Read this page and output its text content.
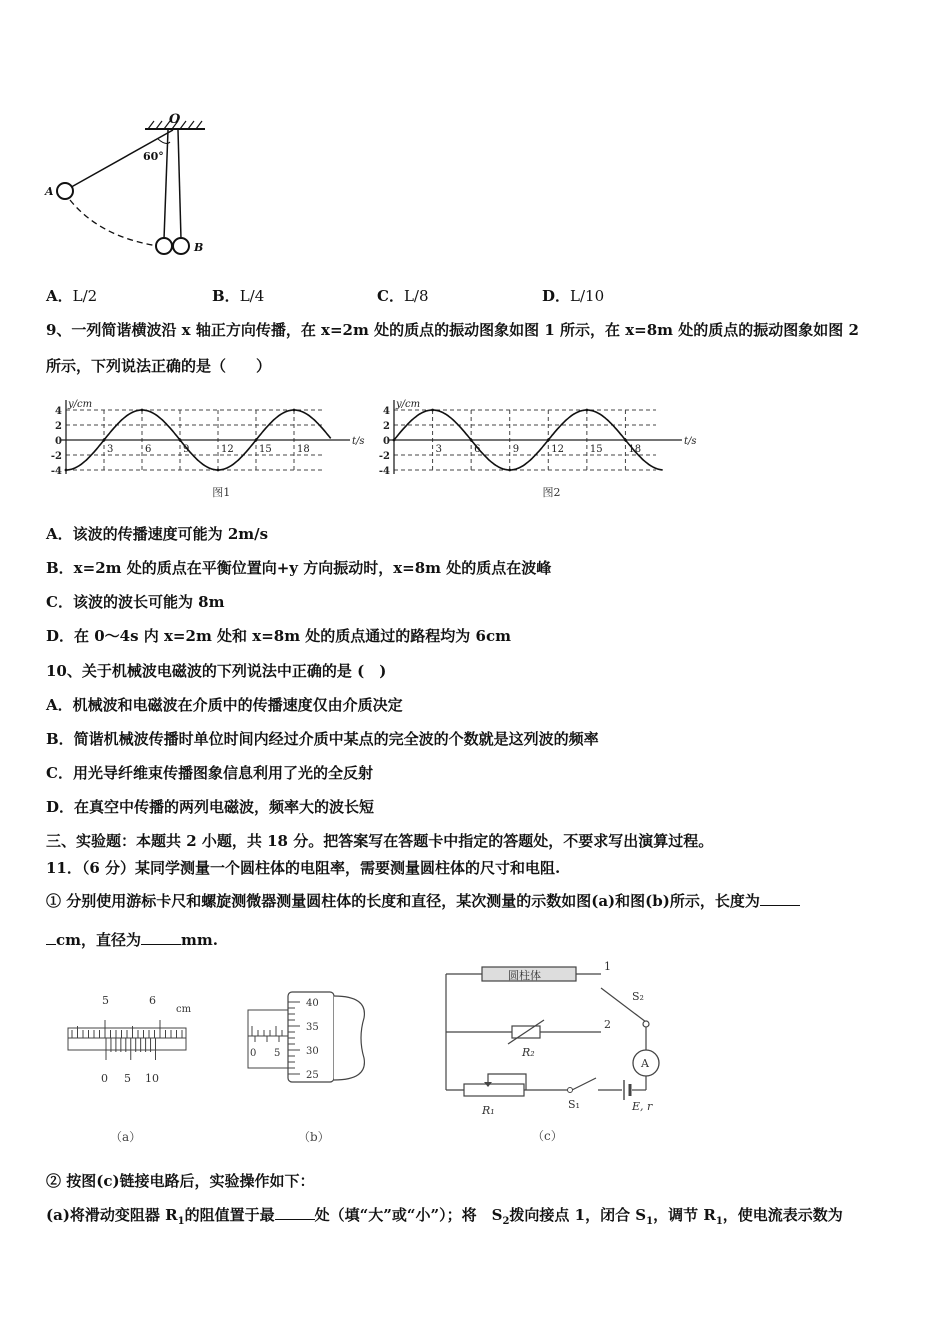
O
60°
A
B
A．L/2	B．L/4	C．L/8	D．L/10
9、一列简谐横波沿 x 轴正方向传播，在 x=2m 处的质点的振动图象如图 1 所示，在 x=8m 处的质点的振动图象如图 2
所示，下列说法正确的是（　　）
4
2
0
-2
-4
3	6	9	12	15	18
y/cm
t/s
图1
4
2
0
-2
-4
3	6	9	12	15	18
y/cm
t/s
图2
A．该波的传播速度可能为 2m/s
B．x=2m 处的质点在平衡位置向+y 方向振动时，x=8m 处的质点在波峰
C．该波的波长可能为 8m
D．在 0～4s 内 x=2m 处和 x=8m 处的质点通过的路程均为 6cm
10、关于机械波电磁波的下列说法中正确的是 (　)
A．机械波和电磁波在介质中的传播速度仅由介质决定
B．简谐机械波传播时单位时间内经过介质中某点的完全波的个数就是这列波的频率
C．用光导纤维束传播图象信息利用了光的全反射
D．在真空中传播的两列电磁波，频率大的波长短
三、实验题：本题共 2 小题，共 18 分。把答案写在答题卡中指定的答题处，不要求写出演算过程。
11．（6 分）某同学测量一个圆柱体的电阻率，需要测量圆柱体的尺寸和电阻.
① 分别使用游标卡尺和螺旋测微器测量圆柱体的长度和直径，某次测量的示数如图(a)和图(b)所示，长度为
cm，直径为	mm.
5	6
cm
0 5 10
（a）
40
35
30
25
0 5
（b）
圆柱体
1
2
S₂
R₂
R₁	S₁
A
E, r
（c）
② 按图(c)链接电路后，实验操作如下：
(a)将滑动变阻器 $R_1$的阻值置于最	处（填“大”或“小”）；将　$S_2$拨向接点 1，闭合 $S_1$，调节 $R_1$，使电流表示数为
